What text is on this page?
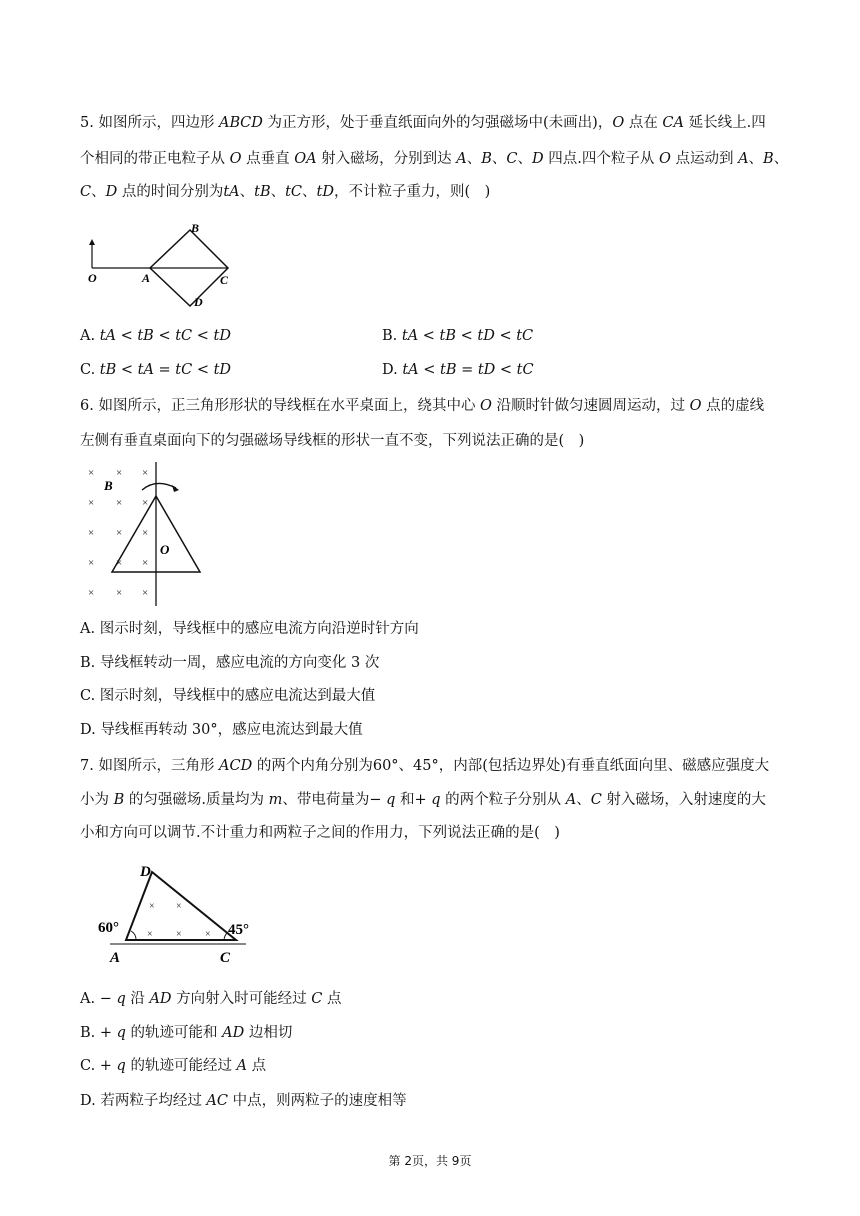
5. 如图所示，四边形 𝐴𝐵𝐶𝐷 为正方形，处于垂直纸面向外的匀强磁场中(未画出)，𝑂 点在 𝐶𝐴 延长线上.四
个相同的带正电粒子从 𝑂 点垂直 𝑂𝐴 射入磁场，分别到达 𝐴、𝐵、𝐶、𝐷 四点.四个粒子从 𝑂 点运动到 𝐴、𝐵、
𝐶、𝐷 点的时间分别为𝑡𝐴、𝑡𝐵、𝑡𝐶、𝑡𝐷，不计粒子重力，则(　)
O	A
B
C
D
A. 𝑡𝐴 < 𝑡𝐵 < 𝑡𝐶 < 𝑡𝐷	B. 𝑡𝐴 < 𝑡𝐵 < 𝑡𝐷 < 𝑡𝐶
C. 𝑡𝐵 < 𝑡𝐴 = 𝑡𝐶 < 𝑡𝐷	D. 𝑡𝐴 < 𝑡𝐵 = 𝑡𝐷 < 𝑡𝐶
6. 如图所示，正三角形形状的导线框在水平桌面上，绕其中心 𝑂 沿顺时针做匀速圆周运动，过 𝑂 点的虚线
左侧有垂直桌面向下的匀强磁场导线框的形状一直不变，下列说法正确的是(　)
× × ×
× × ×
× × ×
× × ×
× × ×
B
O
A. 图示时刻，导线框中的感应电流方向沿逆时针方向
B. 导线框转动一周，感应电流的方向变化 3 次
C. 图示时刻，导线框中的感应电流达到最大值
D. 导线框再转动 30°，感应电流达到最大值
7. 如图所示，三角形 𝐴𝐶𝐷 的两个内角分别为60°、45°，内部(包括边界处)有垂直纸面向里、磁感应强度大
小为 𝐵 的匀强磁场.质量均为 𝑚、带电荷量为− 𝑞 和+ 𝑞 的两个粒子分别从 𝐴、𝐶 射入磁场，入射速度的大
小和方向可以调节.不计重力和两粒子之间的作用力，下列说法正确的是(　)
× ×
× × ×
D
60°	45°
A	C
A. − 𝑞 沿 𝐴𝐷 方向射入时可能经过 𝐶 点
B. + 𝑞 的轨迹可能和 𝐴𝐷 边相切
C. + 𝑞 的轨迹可能经过 𝐴 点
D. 若两粒子均经过 𝐴𝐶 中点，则两粒子的速度相等
第 2页，共 9页
